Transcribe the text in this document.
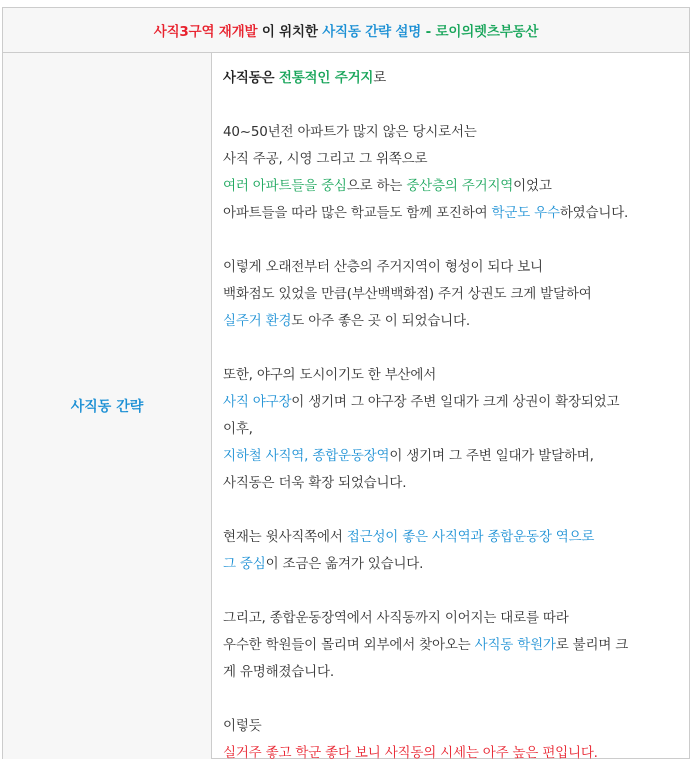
사직3구역 재개발 이 위치한 사직동 간략 설명 - 로이의렛츠부동산
사직동 간략

사직동은 전통적인 주거지로

40~50년전 아파트가 많지 않은 당시로서는

사직 주공, 시영 그리고 그 위쪽으로

여러 아파트들을 중심으로 하는 중산층의 주거지역이었고

아파트들을 따라 많은 학교들도 함께 포진하여 학군도 우수하였습니다.

이렇게 오래전부터 산층의 주거지역이 형성이 되다 보니

백화점도 있었을 만큼(부산백백화점) 주거 상권도 크게 발달하여

실주거 환경도 아주 좋은 곳 이 되었습니다.

또한, 야구의 도시이기도 한 부산에서

사직 야구장이 생기며 그 야구장 주변 일대가 크게 상권이 확장되었고

이후,

지하철 사직역, 종합운동장역이 생기며 그 주변 일대가 발달하며,

사직동은 더욱 확장 되었습니다.

현재는 윗사직쪽에서 접근성이 좋은 사직역과 종합운동장 역으로

그 중심이 조금은 옮겨가 있습니다.

그리고, 종합운동장역에서 사직동까지 이어지는 대로를 따라

우수한 학원들이 몰리며 외부에서 찾아오는 사직동 학원가로 불리며 크

게 유명해졌습니다.

이렇듯

실거주 좋고 학군 좋다 보니 사직동의 시세는 아주 높은 편입니다.
